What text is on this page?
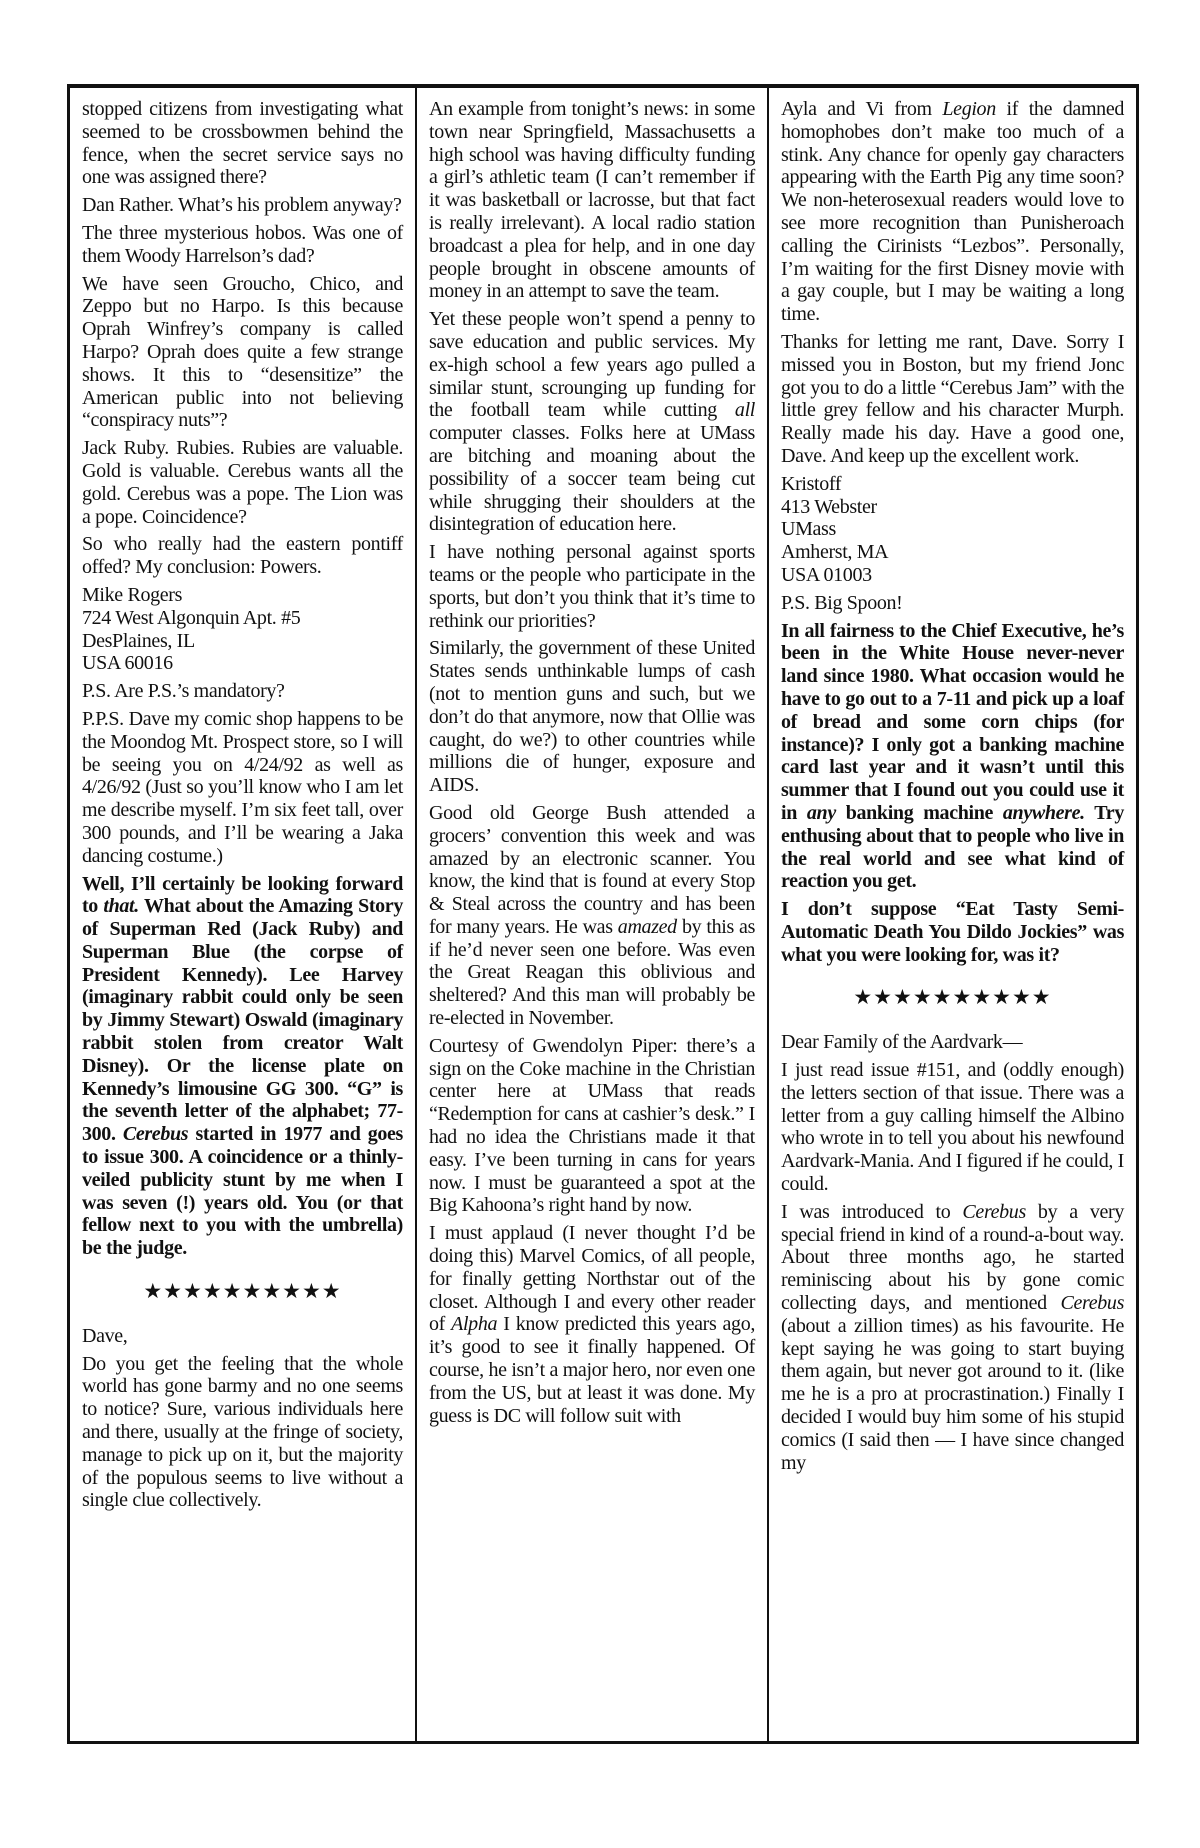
stopped citizens from investigating what seemed to be crossbowmen behind the fence, when the secret service says no one was assigned there?
Dan Rather. What’s his problem anyway?
The three mysterious hobos. Was one of them Woody Harrelson’s dad?
We have seen Groucho, Chico, and Zeppo but no Harpo. Is this because Oprah Winfrey’s company is called Harpo? Oprah does quite a few strange shows. It this to “desensitize” the American public into not believing “conspiracy nuts”?
Jack Ruby. Rubies. Rubies are valuable. Gold is valuable. Cerebus wants all the gold. Cerebus was a pope. The Lion was a pope. Coincidence?
So who really had the eastern pontiff offed? My conclusion: Powers.
Mike Rogers
724 West Algonquin Apt. #5
DesPlaines, IL
USA 60016
P.S. Are P.S.’s mandatory?
P.P.S. Dave my comic shop happens to be the Moondog Mt. Prospect store, so I will be seeing you on 4/24/92 as well as 4/26/92 (Just so you’ll know who I am let me describe myself. I’m six feet tall, over 300 pounds, and I’ll be wearing a Jaka dancing costume.)
Well, I’ll certainly be looking forward to that. What about the Amazing Story of Superman Red (Jack Ruby) and Superman Blue (the corpse of President Kennedy). Lee Harvey (imaginary rabbit could only be seen by Jimmy Stewart) Oswald (imaginary rabbit stolen from creator Walt Disney). Or the license plate on Kennedy’s limousine GG 300. “G” is the seventh letter of the alphabet; 77-300. Cerebus started in 1977 and goes to issue 300. A coincidence or a thinly-veiled publicity stunt by me when I was seven (!) years old. You (or that fellow next to you with the umbrella) be the judge.
★★★★★★★★★★
Dave,
Do you get the feeling that the whole world has gone barmy and no one seems to notice? Sure, various individuals here and there, usually at the fringe of society, manage to pick up on it, but the majority of the populous seems to live without a single clue collectively.
An example from tonight’s news: in some town near Springfield, Massachusetts a high school was having difficulty funding a girl’s athletic team (I can’t remember if it was basketball or lacrosse, but that fact is really irrelevant). A local radio station broadcast a plea for help, and in one day people brought in obscene amounts of money in an attempt to save the team.
Yet these people won’t spend a penny to save education and public services. My ex-high school a few years ago pulled a similar stunt, scrounging up funding for the football team while cutting all computer classes. Folks here at UMass are bitching and moaning about the possibility of a soccer team being cut while shrugging their shoulders at the disintegration of education here.
I have nothing personal against sports teams or the people who participate in the sports, but don’t you think that it’s time to rethink our priorities?
Similarly, the government of these United States sends unthinkable lumps of cash (not to mention guns and such, but we don’t do that anymore, now that Ollie was caught, do we?) to other countries while millions die of hunger, exposure and AIDS.
Good old George Bush attended a grocers’ convention this week and was amazed by an electronic scanner. You know, the kind that is found at every Stop & Steal across the country and has been for many years. He was amazed by this as if he’d never seen one before. Was even the Great Reagan this oblivious and sheltered? And this man will probably be re-elected in November.
Courtesy of Gwendolyn Piper: there’s a sign on the Coke machine in the Christian center here at UMass that reads “Redemption for cans at cashier’s desk.” I had no idea the Christians made it that easy. I’ve been turning in cans for years now. I must be guaranteed a spot at the Big Kahoona’s right hand by now.
I must applaud (I never thought I’d be doing this) Marvel Comics, of all people, for finally getting Northstar out of the closet. Although I and every other reader of Alpha I know predicted this years ago, it’s good to see it finally happened. Of course, he isn’t a major hero, nor even one from the US, but at least it was done. My guess is DC will follow suit with
Ayla and Vi from Legion if the damned homophobes don’t make too much of a stink. Any chance for openly gay characters appearing with the Earth Pig any time soon? We non-heterosexual readers would love to see more recognition than Punisheroach calling the Cirinists “Lezbos”. Personally, I’m waiting for the first Disney movie with a gay couple, but I may be waiting a long time.
Thanks for letting me rant, Dave. Sorry I missed you in Boston, but my friend Jonc got you to do a little “Cerebus Jam” with the little grey fellow and his character Murph. Really made his day. Have a good one, Dave. And keep up the excellent work.
Kristoff
413 Webster
UMass
Amherst, MA
USA 01003
P.S. Big Spoon!
In all fairness to the Chief Executive, he’s been in the White House never-never land since 1980. What occasion would he have to go out to a 7-11 and pick up a loaf of bread and some corn chips (for instance)? I only got a banking machine card last year and it wasn’t until this summer that I found out you could use it in any banking machine anywhere. Try enthusing about that to people who live in the real world and see what kind of reaction you get.
I don’t suppose “Eat Tasty Semi-Automatic Death You Dildo Jockies” was what you were looking for, was it?
★★★★★★★★★★
Dear Family of the Aardvark—
I just read issue #151, and (oddly enough) the letters section of that issue. There was a letter from a guy calling himself the Albino who wrote in to tell you about his newfound Aardvark-Mania. And I figured if he could, I could.
I was introduced to Cerebus by a very special friend in kind of a round-a-bout way. About three months ago, he started reminiscing about his by gone comic collecting days, and mentioned Cerebus (about a zillion times) as his favourite. He kept saying he was going to start buying them again, but never got around to it. (like me he is a pro at procrastination.) Finally I decided I would buy him some of his stupid comics (I said then — I have since changed my
